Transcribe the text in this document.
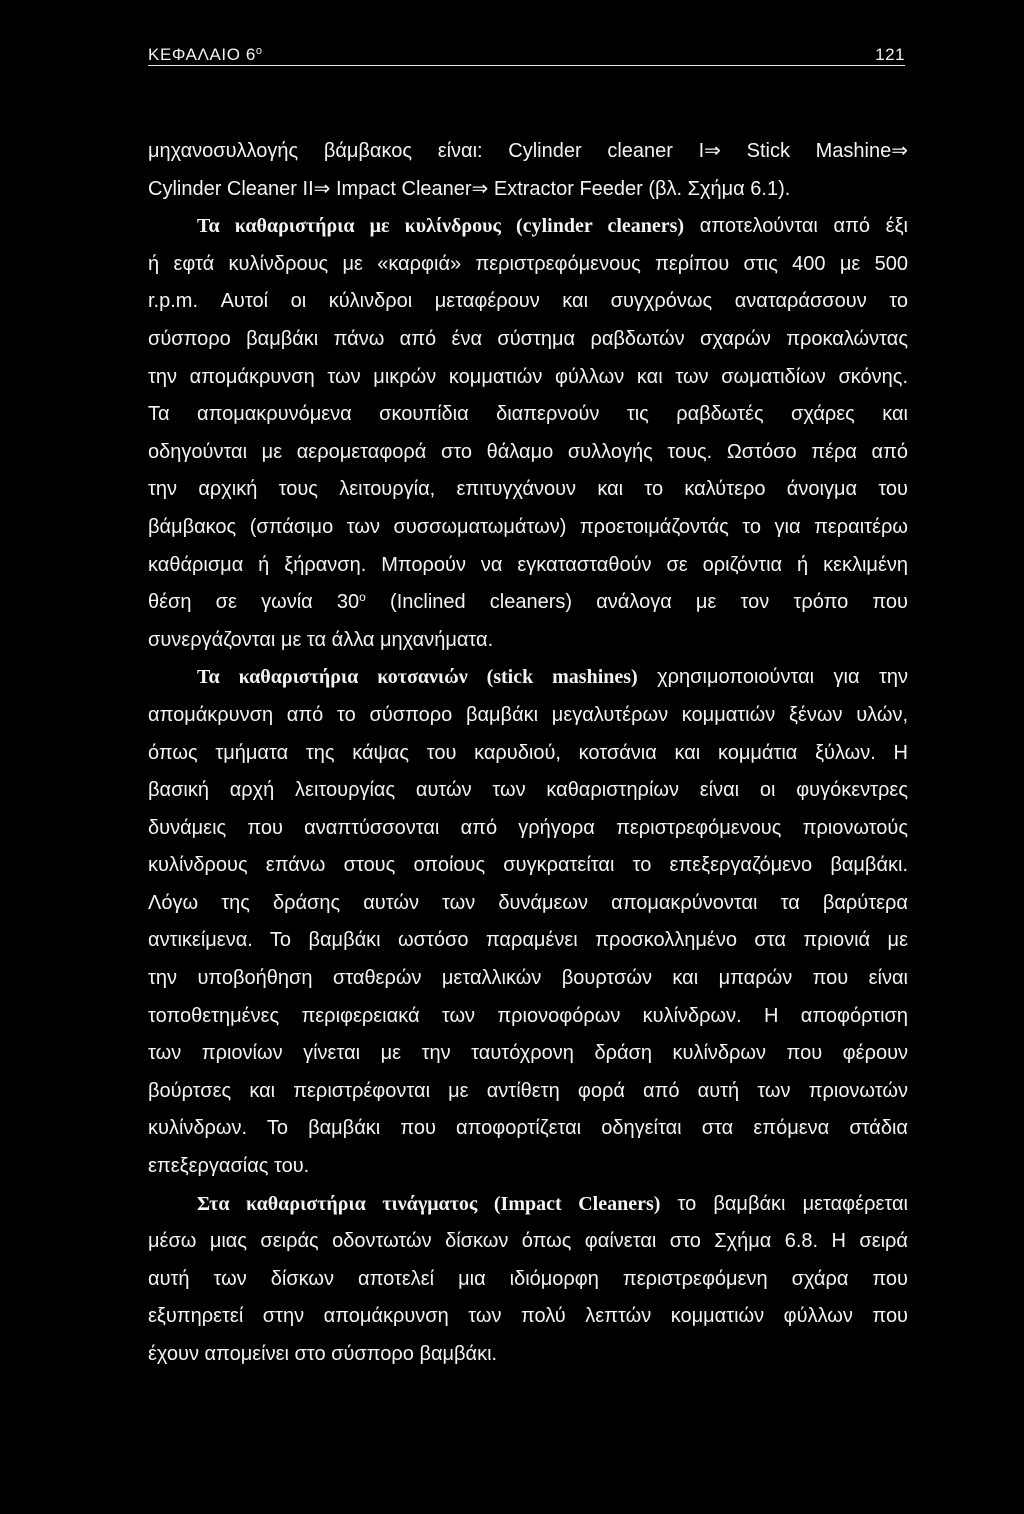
ΚΕΦΑΛΑΙΟ $6^o$	121
μηχανοσυλλογής βάμβακος είναι: Cylinder cleaner I⇒ Stick Mashine⇒
Cylinder Cleaner II⇒ Impact Cleaner⇒ Extractor Feeder (βλ. Σχήμα 6.1).
Τα καθαριστήρια με κυλίνδρους (cylinder cleaners) αποτελούνται από έξι
ή εφτά κυλίνδρους με «καρφιά» περιστρεφόμενους περίπου στις 400 με 500
r.p.m. Αυτοί οι κύλινδροι μεταφέρουν και συγχρόνως αναταράσσουν το
σύσπορο βαμβάκι πάνω από ένα σύστημα ραβδωτών σχαρών προκαλώντας
την απομάκρυνση των μικρών κομματιών φύλλων και των σωματιδίων σκόνης.
Τα απομακρυνόμενα σκουπίδια διαπερνούν τις ραβδωτές σχάρες και
οδηγούνται με αερομεταφορά στο θάλαμο συλλογής τους. Ωστόσο πέρα από
την αρχική τους λειτουργία, επιτυγχάνουν και το καλύτερο άνοιγμα του
βάμβακος (σπάσιμο των συσσωματωμάτων) προετοιμάζοντάς το για περαιτέρω
καθάρισμα ή ξήρανση. Μπορούν να εγκατασταθούν σε οριζόντια ή κεκλιμένη
θέση σε γωνία $30^o$ (Inclined cleaners) ανάλογα με τον τρόπο που
συνεργάζονται με τα άλλα μηχανήματα.
Τα καθαριστήρια κοτσανιών (stick mashines) χρησιμοποιούνται για την
απομάκρυνση από το σύσπορο βαμβάκι μεγαλυτέρων κομματιών ξένων υλών,
όπως τμήματα της κάψας του καρυδιού, κοτσάνια και κομμάτια ξύλων. Η
βασική αρχή λειτουργίας αυτών των καθαριστηρίων είναι οι φυγόκεντρες
δυνάμεις που αναπτύσσονται από γρήγορα περιστρεφόμενους πριονωτούς
κυλίνδρους επάνω στους οποίους συγκρατείται το επεξεργαζόμενο βαμβάκι.
Λόγω της δράσης αυτών των δυνάμεων απομακρύνονται τα βαρύτερα
αντικείμενα. Το βαμβάκι ωστόσο παραμένει προσκολλημένο στα πριονιά με
την υποβοήθηση σταθερών μεταλλικών βουρτσών και μπαρών που είναι
τοποθετημένες περιφερειακά των πριονοφόρων κυλίνδρων. Η αποφόρτιση
των πριονίων γίνεται με την ταυτόχρονη δράση κυλίνδρων που φέρουν
βούρτσες και περιστρέφονται με αντίθετη φορά από αυτή των πριονωτών
κυλίνδρων. Το βαμβάκι που αποφορτίζεται οδηγείται στα επόμενα στάδια
επεξεργασίας του.
Στα καθαριστήρια τινάγματος (Impact Cleaners) το βαμβάκι μεταφέρεται
μέσω μιας σειράς οδοντωτών δίσκων όπως φαίνεται στο Σχήμα 6.8. Η σειρά
αυτή των δίσκων αποτελεί μια ιδιόμορφη περιστρεφόμενη σχάρα που
εξυπηρετεί στην απομάκρυνση των πολύ λεπτών κομματιών φύλλων που
έχουν απομείνει στο σύσπορο βαμβάκι.
